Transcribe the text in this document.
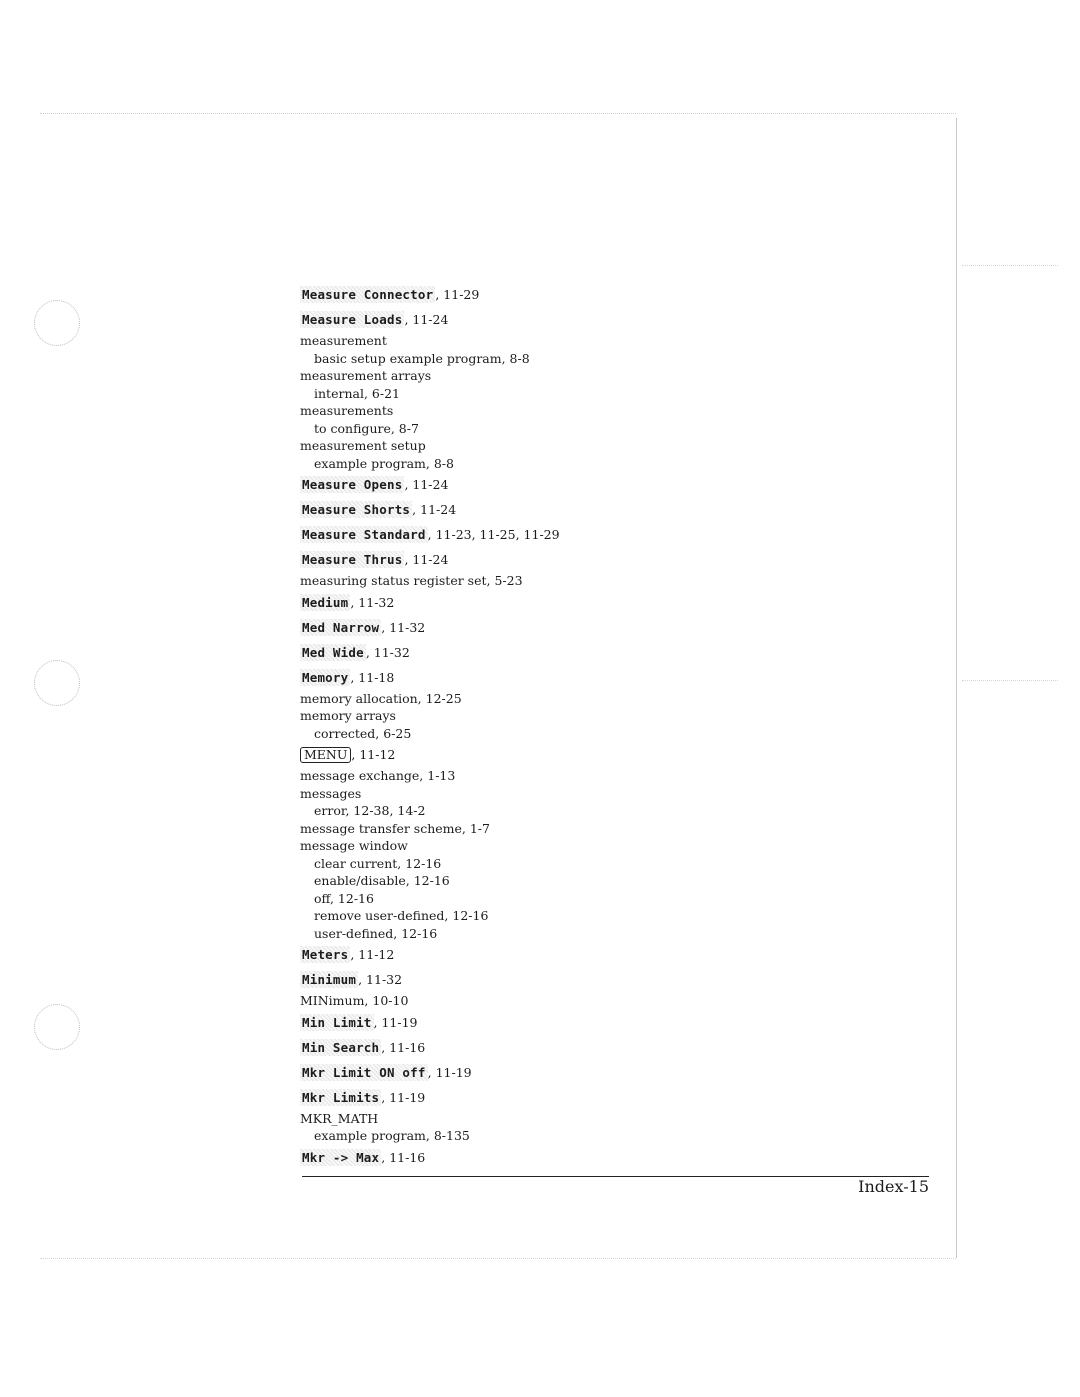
Measure Connector , 11-29
Measure Loads , 11-24
measurement
basic setup example program, 8-8
measurement arrays
internal, 6-21
measurements
to configure, 8-7
measurement setup
example program, 8-8
Measure Opens , 11-24
Measure Shorts , 11-24
Measure Standard , 11-23, 11-25, 11-29
Measure Thrus , 11-24
measuring status register set, 5-23
Medium , 11-32
Med Narrow , 11-32
Med Wide , 11-32
Memory , 11-18
memory allocation, 12-25
memory arrays
corrected, 6-25
MENU , 11-12
message exchange, 1-13
messages
error, 12-38, 14-2
message transfer scheme, 1-7
message window
clear current, 12-16
enable/disable, 12-16
off, 12-16
remove user-defined, 12-16
user-defined, 12-16
Meters , 11-12
Minimum , 11-32
MINimum, 10-10
Min Limit , 11-19
Min Search , 11-16
Mkr Limit ON off , 11-19
Mkr Limits , 11-19
MKR_MATH
example program, 8-135
Mkr -> Max , 11-16
Index-15
